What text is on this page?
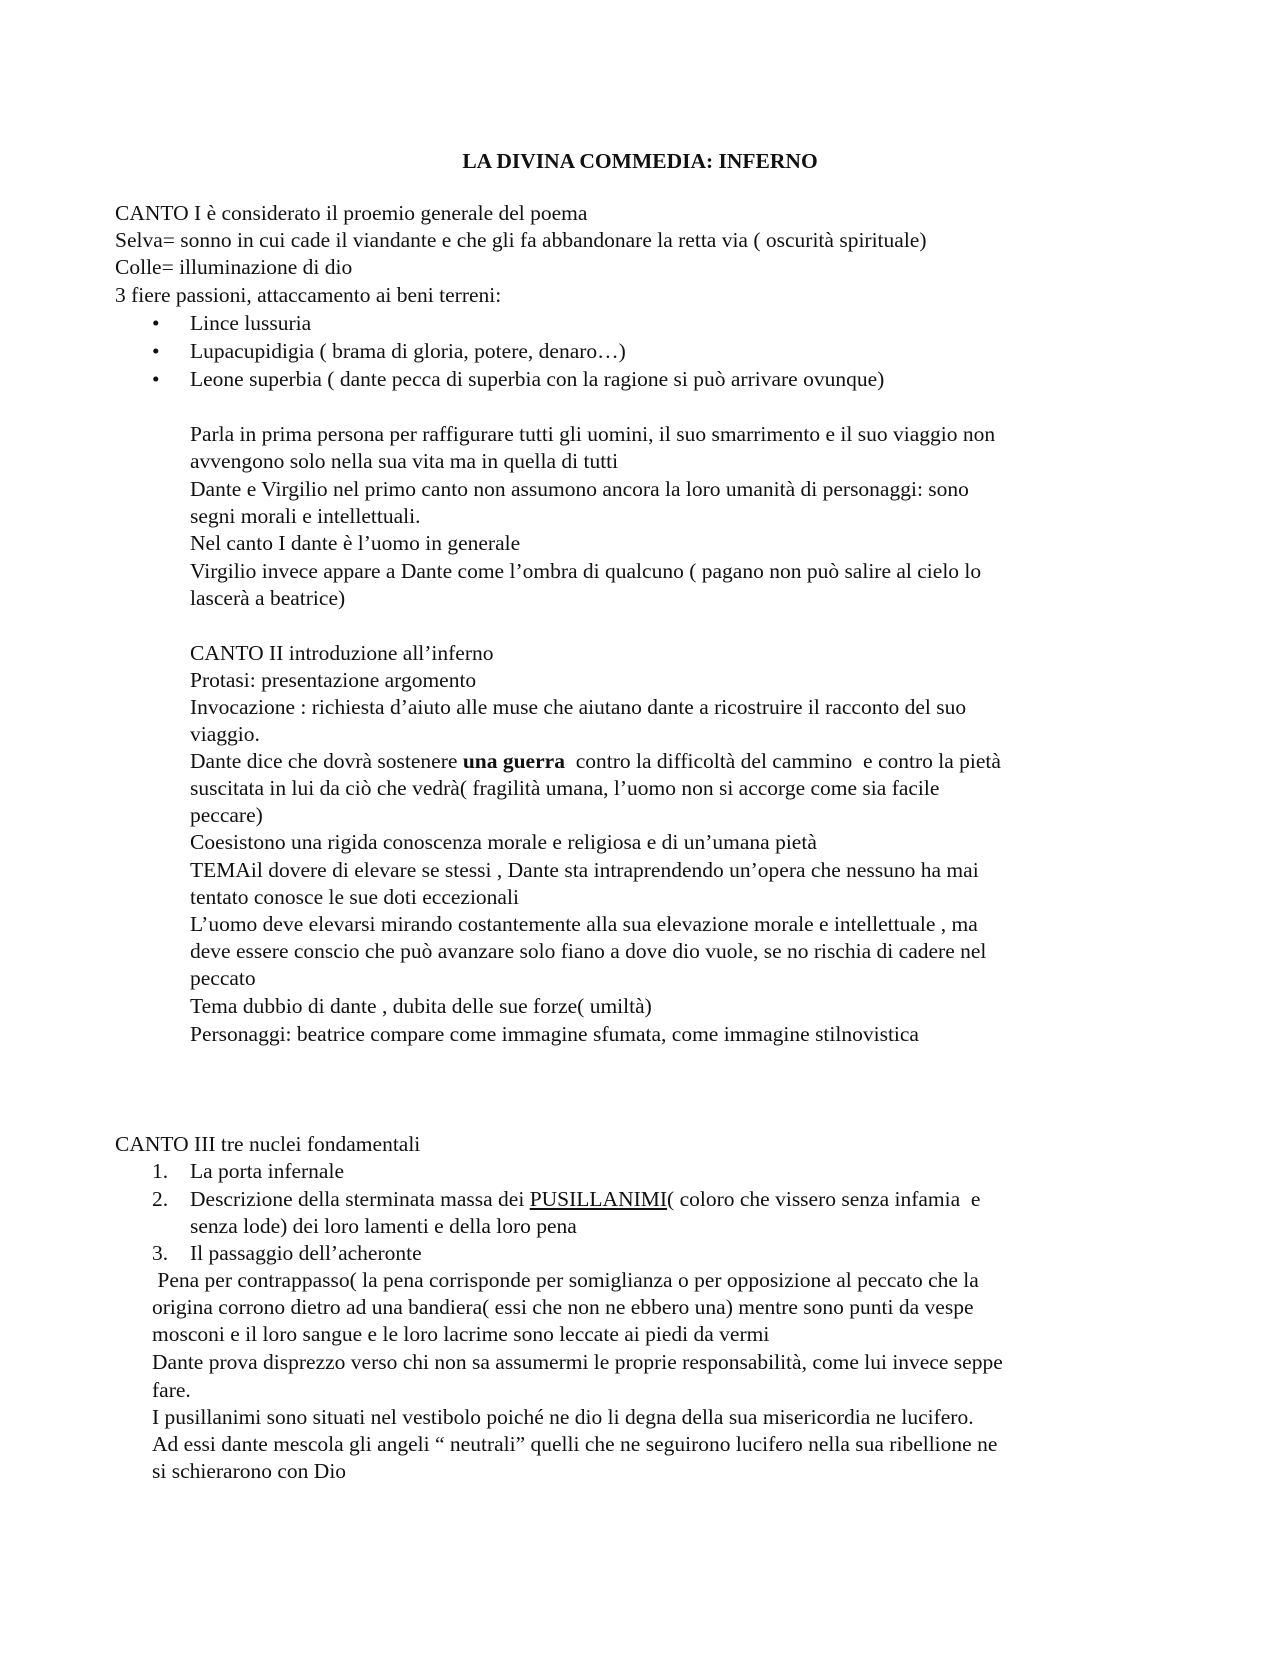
LA DIVINA COMMEDIA: INFERNO
CANTO I è considerato il proemio generale del poema
Selva= sonno in cui cade il viandante e che gli fa abbandonare la retta via ( oscurità spirituale)
Colle= illuminazione di dio
3 fiere passioni, attaccamento ai beni terreni:
• Lince lussuria
• Lupacupidigia ( brama di gloria, potere, denaro…)
• Leone superbia ( dante pecca di superbia con la ragione si può arrivare ovunque)
Parla in prima persona per raffigurare tutti gli uomini, il suo smarrimento e il suo viaggio non
avvengono solo nella sua vita ma in quella di tutti
Dante e Virgilio nel primo canto non assumono ancora la loro umanità di personaggi: sono
segni morali e intellettuali.
Nel canto I dante è l’uomo in generale
Virgilio invece appare a Dante come l’ombra di qualcuno ( pagano non può salire al cielo lo
lascerà a beatrice)
CANTO II introduzione all’inferno
Protasi: presentazione argomento
Invocazione : richiesta d’aiuto alle muse che aiutano dante a ricostruire il racconto del suo
viaggio.
Dante dice che dovrà sostenere una guerra  contro la difficoltà del cammino  e contro la pietà
suscitata in lui da ciò che vedrà( fragilità umana, l’uomo non si accorge come sia facile
peccare)
Coesistono una rigida conoscenza morale e religiosa e di un’umana pietà
TEMAil dovere di elevare se stessi , Dante sta intraprendendo un’opera che nessuno ha mai
tentato conosce le sue doti eccezionali
L’uomo deve elevarsi mirando costantemente alla sua elevazione morale e intellettuale , ma
deve essere conscio che può avanzare solo fiano a dove dio vuole, se no rischia di cadere nel
peccato
Tema dubbio di dante , dubita delle sue forze( umiltà)
Personaggi: beatrice compare come immagine sfumata, come immagine stilnovistica
CANTO III tre nuclei fondamentali
1. La porta infernale
2. Descrizione della sterminata massa dei PUSILLANIMI( coloro che vissero senza infamia  e
senza lode) dei loro lamenti e della loro pena
3. Il passaggio dell’acheronte
Pena per contrappasso( la pena corrisponde per somiglianza o per opposizione al peccato che la
origina corrono dietro ad una bandiera( essi che non ne ebbero una) mentre sono punti da vespe
mosconi e il loro sangue e le loro lacrime sono leccate ai piedi da vermi
Dante prova disprezzo verso chi non sa assumermi le proprie responsabilità, come lui invece seppe
fare.
I pusillanimi sono situati nel vestibolo poiché ne dio li degna della sua misericordia ne lucifero.
Ad essi dante mescola gli angeli “ neutrali” quelli che ne seguirono lucifero nella sua ribellione ne
si schierarono con Dio
